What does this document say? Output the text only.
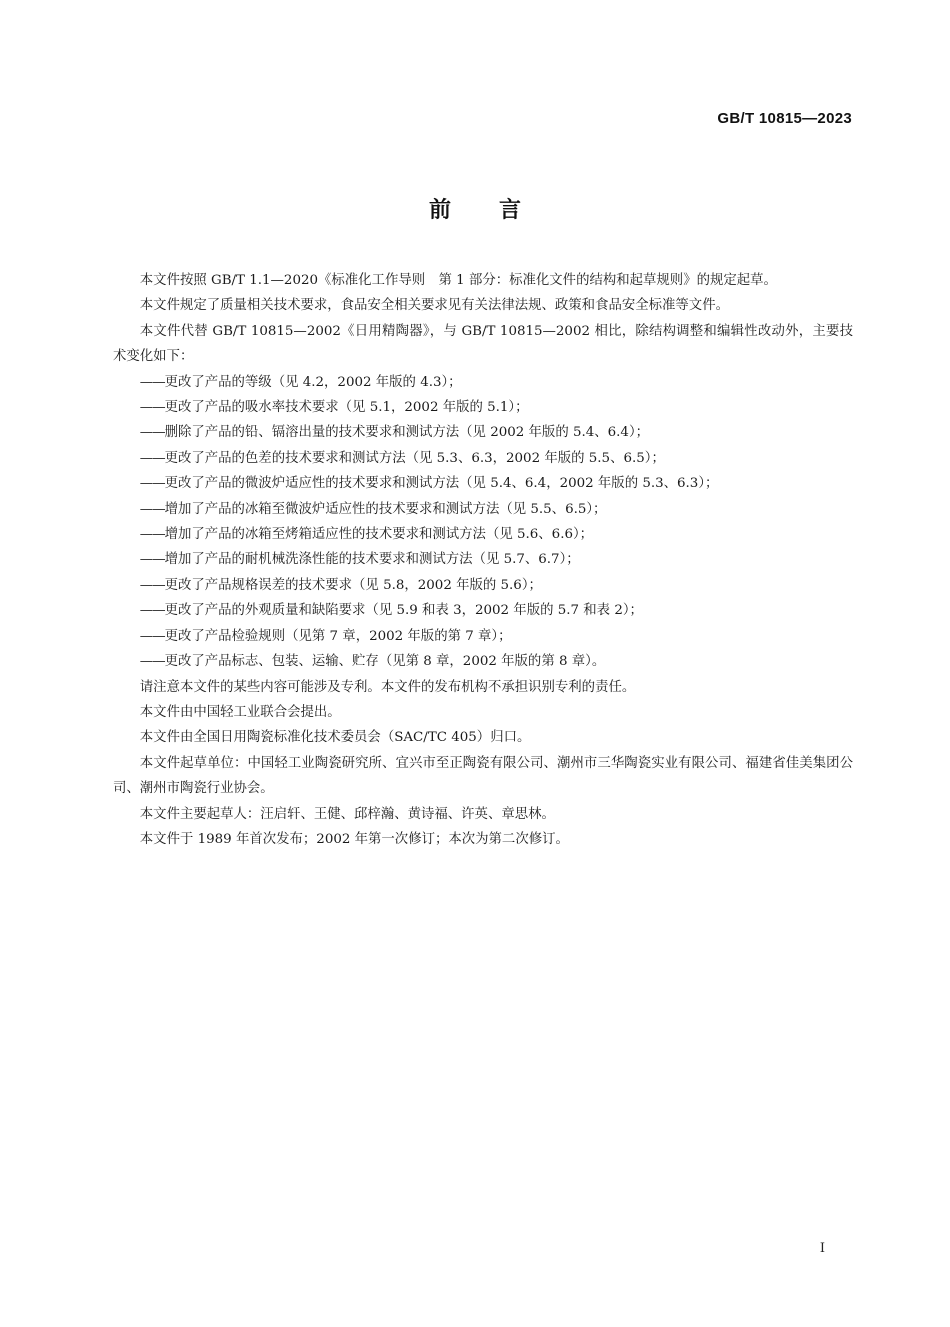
GB/T 10815—2023
前言

本文件按照 GB/T 1.1—2020《标准化工作导则　第 1 部分：标准化文件的结构和起草规则》的规定起草。

本文件规定了质量相关技术要求，食品安全相关要求见有关法律法规、政策和食品安全标准等文件。

本文件代替 GB/T 10815—2002《日用精陶器》，与 GB/T 10815—2002 相比，除结构调整和编辑性改动外，主要技术变化如下：

——更改了产品的等级（见 4.2，2002 年版的 4.3）；

——更改了产品的吸水率技术要求（见 5.1，2002 年版的 5.1）；

——删除了产品的铅、镉溶出量的技术要求和测试方法（见 2002 年版的 5.4、6.4）；

——更改了产品的色差的技术要求和测试方法（见 5.3、6.3，2002 年版的 5.5、6.5）；

——更改了产品的微波炉适应性的技术要求和测试方法（见 5.4、6.4，2002 年版的 5.3、6.3）；

——增加了产品的冰箱至微波炉适应性的技术要求和测试方法（见 5.5、6.5）；

——增加了产品的冰箱至烤箱适应性的技术要求和测试方法（见 5.6、6.6）；

——增加了产品的耐机械洗涤性能的技术要求和测试方法（见 5.7、6.7）；

——更改了产品规格误差的技术要求（见 5.8，2002 年版的 5.6）；

——更改了产品的外观质量和缺陷要求（见 5.9 和表 3，2002 年版的 5.7 和表 2）；

——更改了产品检验规则（见第 7 章，2002 年版的第 7 章）；

——更改了产品标志、包装、运输、贮存（见第 8 章，2002 年版的第 8 章）。

请注意本文件的某些内容可能涉及专利。本文件的发布机构不承担识别专利的责任。

本文件由中国轻工业联合会提出。

本文件由全国日用陶瓷标准化技术委员会（SAC/TC 405）归口。

本文件起草单位：中国轻工业陶瓷研究所、宜兴市至正陶瓷有限公司、潮州市三华陶瓷实业有限公司、福建省佳美集团公司、潮州市陶瓷行业协会。

本文件主要起草人：汪启轩、王健、邱梓瀚、黄诗福、许英、章思林。

本文件于 1989 年首次发布；2002 年第一次修订；本次为第二次修订。

I
